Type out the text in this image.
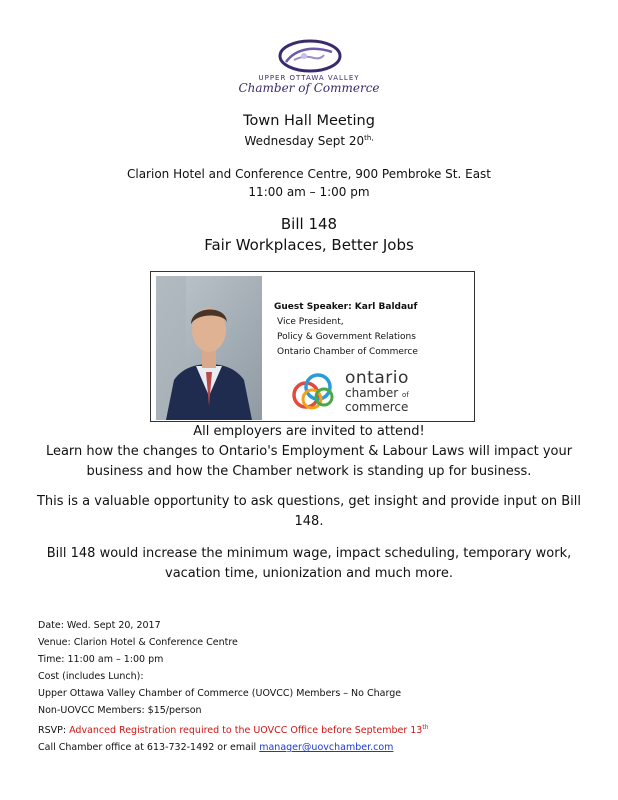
UPPER OTTAWA VALLEY
Chamber of Commerce
Town Hall Meeting
Wednesday Sept $20^{th,}$
Clarion Hotel and Conference Centre, 900 Pembroke St. East
11:00 am – 1:00 pm
Bill 148
Fair Workplaces, Better Jobs
Guest Speaker: Karl Baldauf
Vice President,
Policy & Government Relations
Ontario Chamber of Commerce
ontario
chamber of
commerce
All employers are invited to attend!
Learn how the changes to Ontario's Employment & Labour Laws will impact your business and how the Chamber network is standing up for business.
This is a valuable opportunity to ask questions, get insight and provide input on Bill 148.
Bill 148 would increase the minimum wage, impact scheduling, temporary work, vacation time, unionization and much more.
Date: Wed. Sept 20, 2017
Venue: Clarion Hotel & Conference Centre
Time: 11:00 am – 1:00 pm
Cost (includes Lunch):
Upper Ottawa Valley Chamber of Commerce (UOVCC) Members – No Charge
Non-UOVCC Members: $15/person
RSVP: Advanced Registration required to the UOVCC Office before September 13th
Call Chamber office at 613-732-1492 or email manager@uovchamber.com
